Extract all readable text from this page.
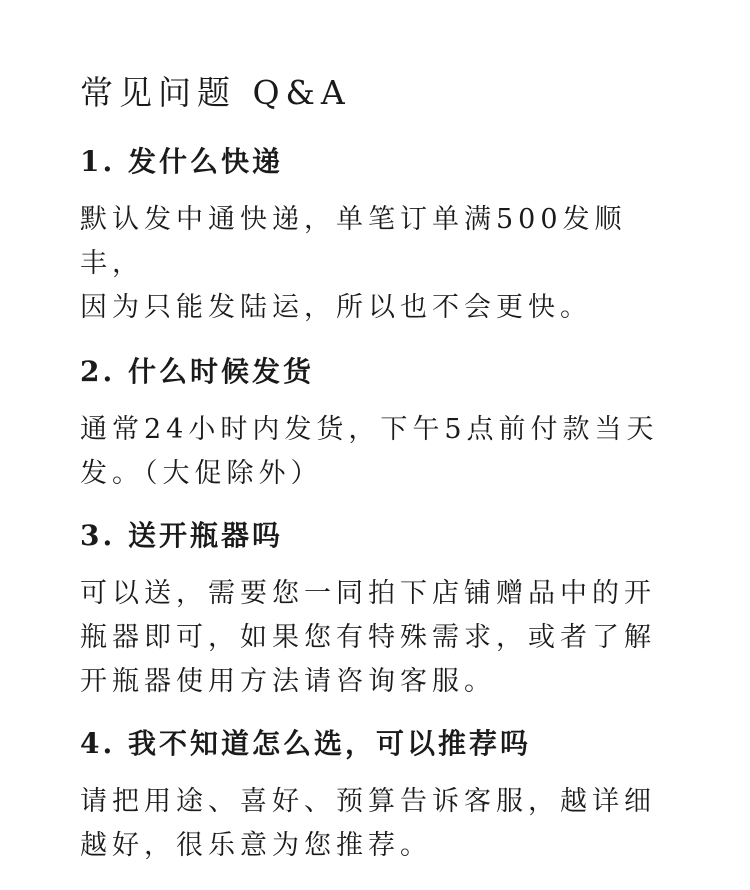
常见问题 Q&A
1. 发什么快递

默认发中通快递，单笔订单满500发顺丰，
因为只能发陆运，所以也不会更快。

2. 什么时候发货

通常24小时内发货，下午5点前付款当天
发。（大促除外）

3. 送开瓶器吗

可以送，需要您一同拍下店铺赠品中的开
瓶器即可，如果您有特殊需求，或者了解
开瓶器使用方法请咨询客服。

4. 我不知道怎么选，可以推荐吗

请把用途、喜好、预算告诉客服，越详细
越好，很乐意为您推荐。
